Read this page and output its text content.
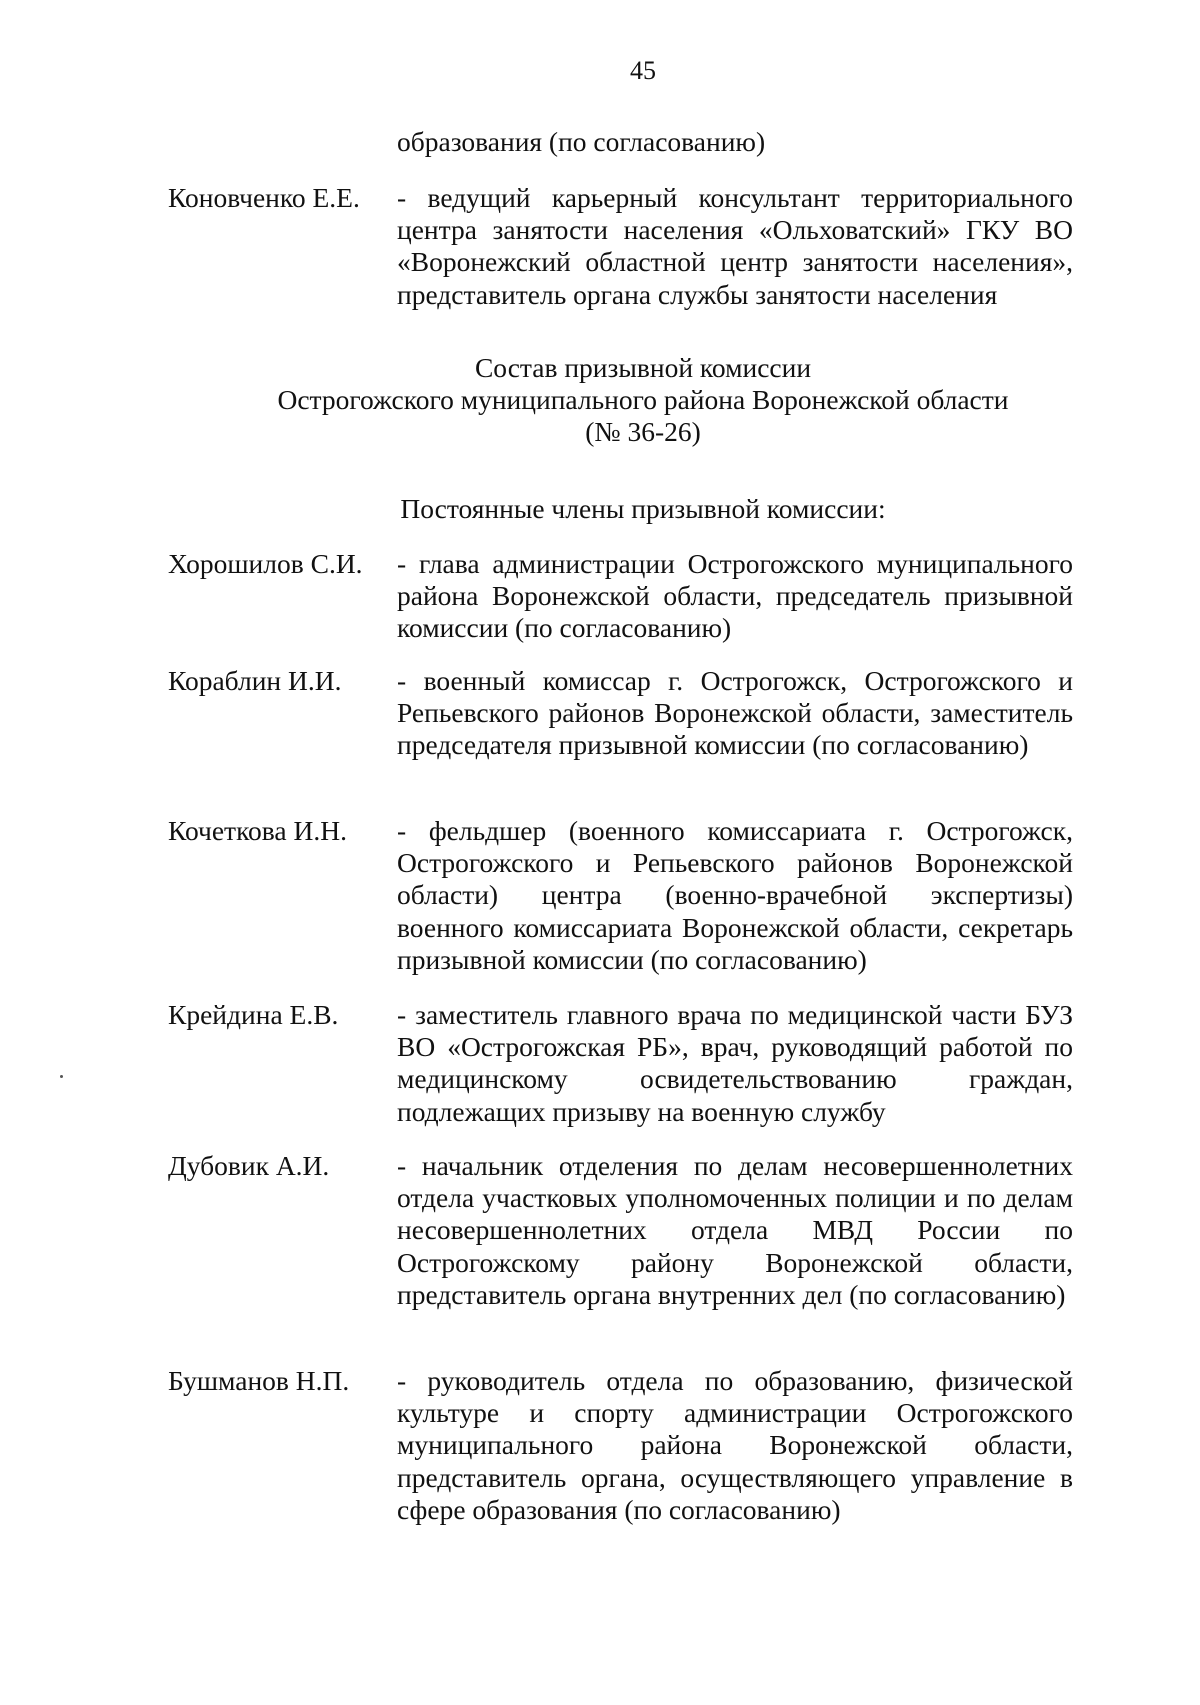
45
образования (по согласованию)
Коновченко Е.Е. - ведущий карьерный консультант территориального центра занятости населения «Ольховатский» ГКУ ВО «Воронежский областной центр занятости населения», представитель органа службы занятости населения
Состав призывной комиссии
Острогожского муниципального района Воронежской области
(№ 36-26)
Постоянные члены призывной комиссии:
Хорошилов С.И. - глава администрации Острогожского муниципального района Воронежской области, председатель призывной комиссии (по согласованию)
Кораблин И.И. - военный комиссар г. Острогожск, Острогожского и Репьевского районов Воронежской области, заместитель председателя призывной комиссии (по согласованию)
Кочеткова И.Н. - фельдшер (военного комиссариата г. Острогожск, Острогожского и Репьевского районов Воронежской области) центра (военно-врачебной экспертизы) военного комиссариата Воронежской области, секретарь призывной комиссии (по согласованию)
Крейдина Е.В. - заместитель главного врача по медицинской части БУЗ ВО «Острогожская РБ», врач, руководящий работой по медицинскому освидетельствованию граждан, подлежащих призыву на военную службу
Дубовик А.И. - начальник отделения по делам несовершеннолетних отдела участковых уполномоченных полиции и по делам несовершеннолетних отдела МВД России по Острогожскому району Воронежской области, представитель органа внутренних дел (по согласованию)
Бушманов Н.П. - руководитель отдела по образованию, физической культуре и спорту администрации Острогожского муниципального района Воронежской области, представитель органа, осуществляющего управление в сфере образования (по согласованию)
